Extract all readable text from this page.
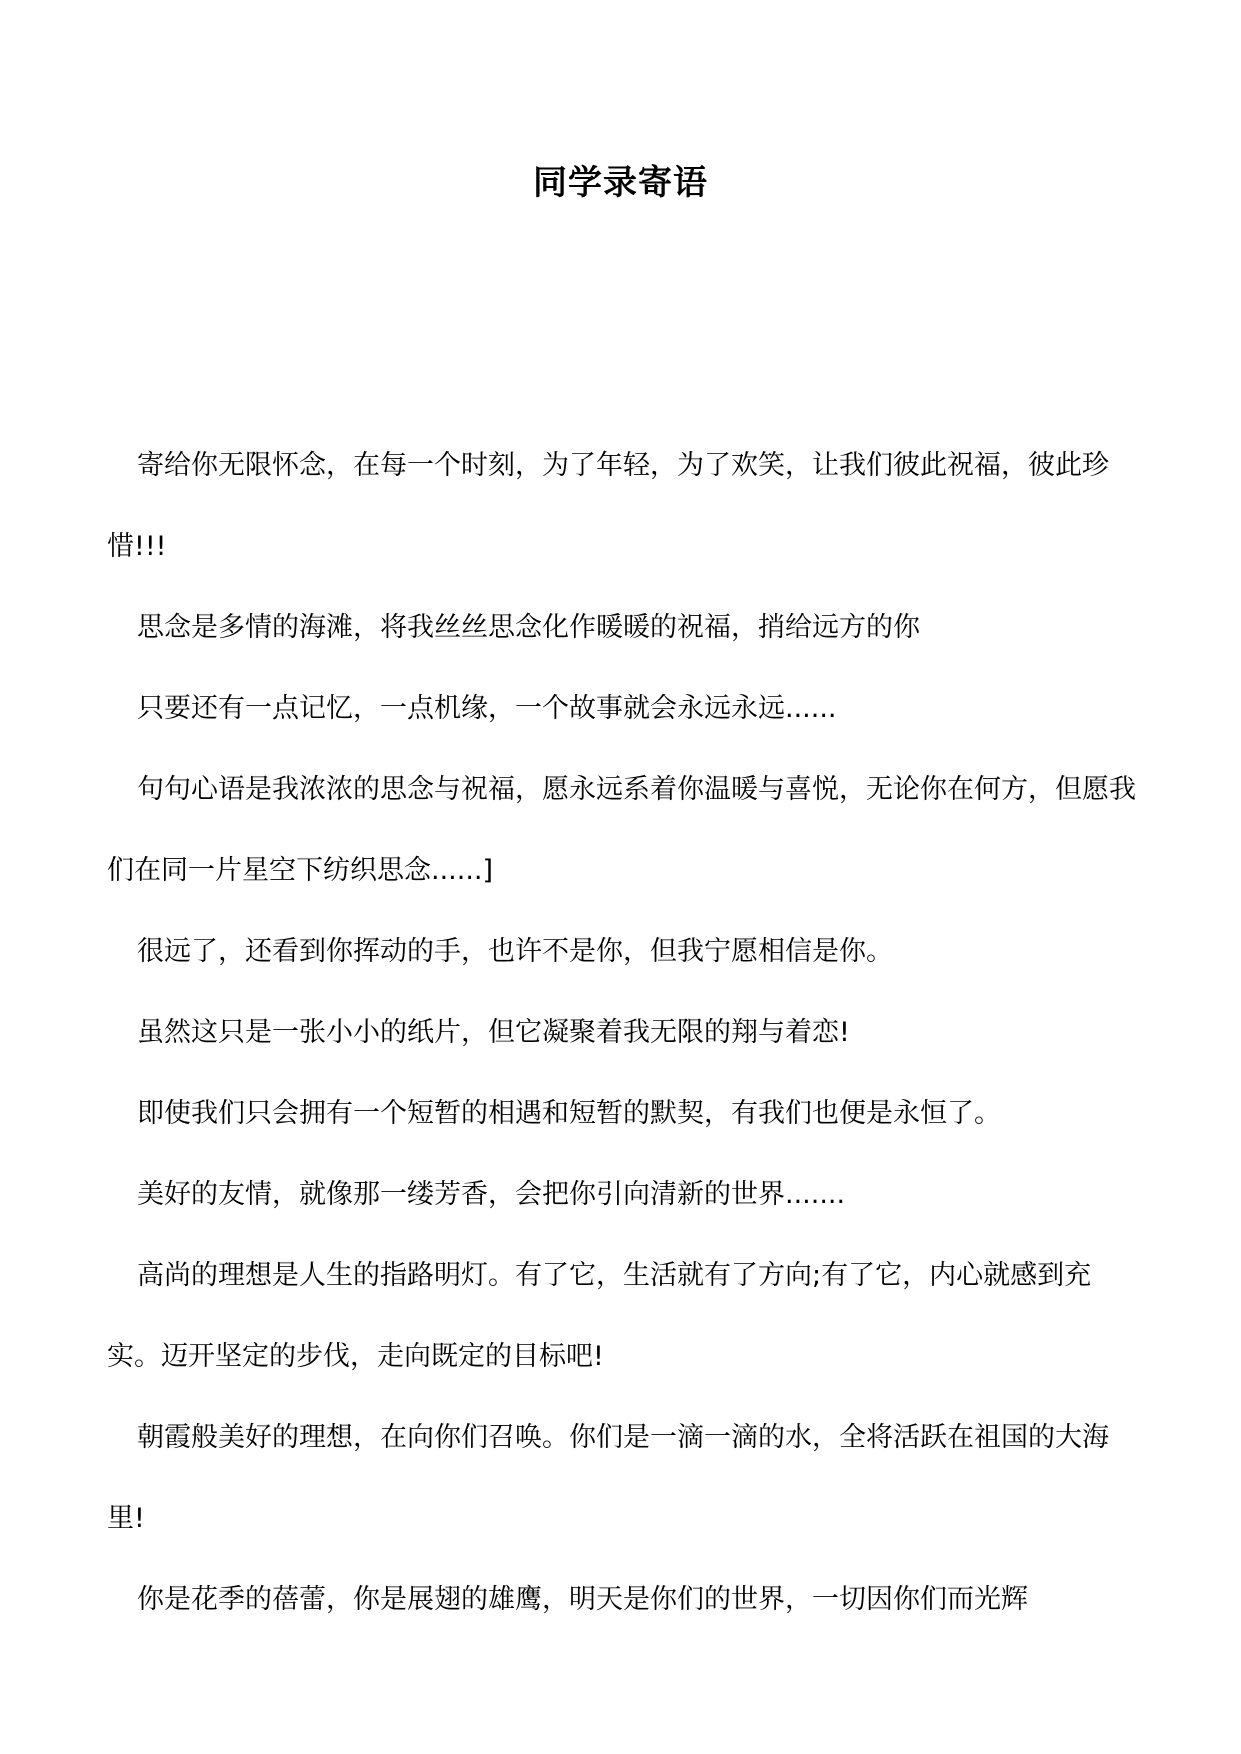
同学录寄语

寄给你无限怀念，在每一个时刻，为了年轻，为了欢笑，让我们彼此祝福，彼此珍惜!!!

思念是多情的海滩，将我丝丝思念化作暖暖的祝福，捎给远方的你

只要还有一点记忆，一点机缘，一个故事就会永远永远......

句句心语是我浓浓的思念与祝福，愿永远系着你温暖与喜悦，无论你在何方，但愿我们在同一片星空下纺织思念......]

很远了，还看到你挥动的手，也许不是你，但我宁愿相信是你。

虽然这只是一张小小的纸片，但它凝聚着我无限的翔与着恋!

即使我们只会拥有一个短暂的相遇和短暂的默契，有我们也便是永恒了。

美好的友情，就像那一缕芳香，会把你引向清新的世界.......

高尚的理想是人生的指路明灯。有了它，生活就有了方向;有了它，内心就感到充实。迈开坚定的步伐，走向既定的目标吧!

朝霞般美好的理想，在向你们召唤。你们是一滴一滴的水，全将活跃在祖国的大海里!

你是花季的蓓蕾，你是展翅的雄鹰，明天是你们的世界，一切因你们而光辉
